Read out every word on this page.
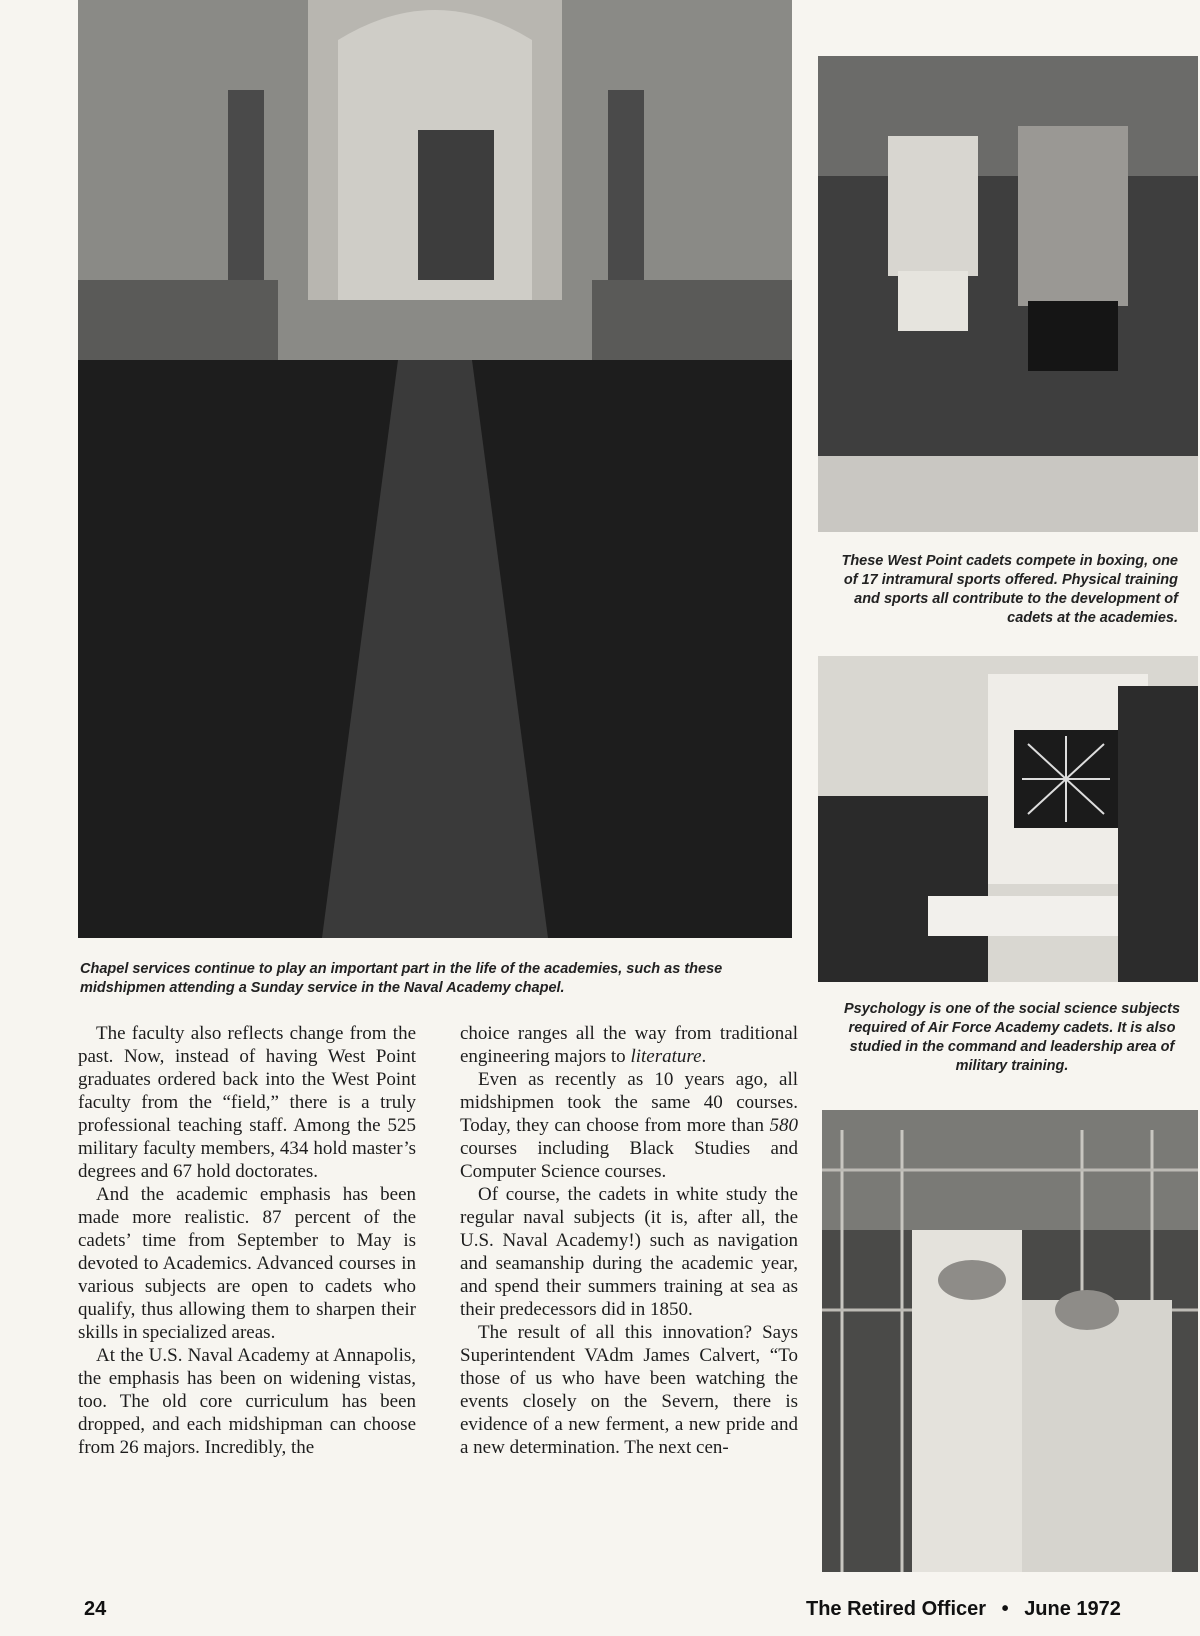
Chapel services continue to play an important part in the life of the academies, such as these midshipmen attending a Sunday service in the Naval Academy chapel.
These West Point cadets compete in boxing, one of 17 intramural sports offered. Physical training and sports all contribute to the development of cadets at the academies.
Psychology is one of the social science subjects required of Air Force Academy cadets. It is also studied in the command and leadership area of military training.

The faculty also reflects change from the past. Now, instead of having West Point graduates ordered back into the West Point faculty from the “field,” there is a truly professional teaching staff. Among the 525 military faculty members, 434 hold master’s degrees and 67 hold doctorates.

And the academic emphasis has been made more realistic. 87 percent of the cadets’ time from September to May is devoted to Academics. Advanced courses in various subjects are open to cadets who qualify, thus allowing them to sharpen their skills in specialized areas.

At the U.S. Naval Academy at Annapolis, the emphasis has been on widening vistas, too. The old core curriculum has been dropped, and each midshipman can choose from 26 majors. Incredibly, the

choice ranges all the way from traditional engineering majors to literature.

Even as recently as 10 years ago, all midshipmen took the same 40 courses. Today, they can choose from more than 580 courses including Black Studies and Computer Science courses.

Of course, the cadets in white study the regular naval subjects (it is, after all, the U.S. Naval Academy!) such as navigation and seamanship during the academic year, and spend their summers training at sea as their predecessors did in 1850.

The result of all this innovation? Says Superintendent VAdm James Calvert, “To those of us who have been watching the events closely on the Severn, there is evidence of a new ferment, a new pride and a new determination. The next cen-

24	The Retired Officer • June 1972
